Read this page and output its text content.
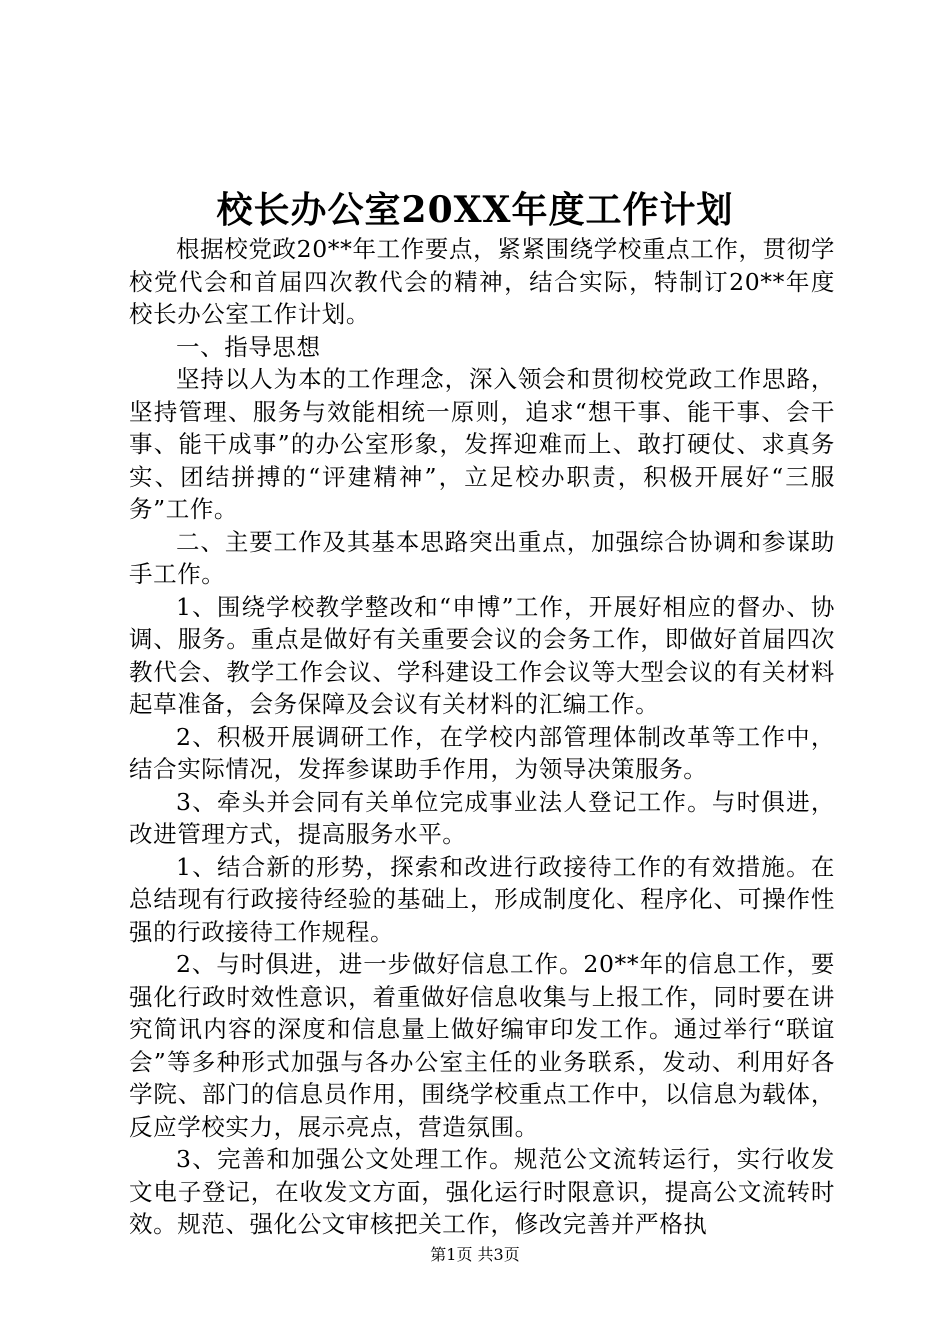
校长办公室20XX年度工作计划

根据校党政20**年工作要点，紧紧围绕学校重点工作，贯彻学校党代会和首届四次教代会的精神，结合实际，特制订20**年度校长办公室工作计划。

一、指导思想

坚持以人为本的工作理念，深入领会和贯彻校党政工作思路，坚持管理、服务与效能相统一原则，追求“想干事、能干事、会干事、能干成事”的办公室形象，发挥迎难而上、敢打硬仗、求真务实、团结拼搏的“评建精神”，立足校办职责，积极开展好“三服务”工作。

二、主要工作及其基本思路突出重点，加强综合协调和参谋助手工作。

1、围绕学校教学整改和“申博”工作，开展好相应的督办、协调、服务。重点是做好有关重要会议的会务工作，即做好首届四次教代会、教学工作会议、学科建设工作会议等大型会议的有关材料起草准备，会务保障及会议有关材料的汇编工作。

2、积极开展调研工作，在学校内部管理体制改革等工作中，结合实际情况，发挥参谋助手作用，为领导决策服务。

3、牵头并会同有关单位完成事业法人登记工作。与时俱进，改进管理方式，提高服务水平。

1、结合新的形势，探索和改进行政接待工作的有效措施。在总结现有行政接待经验的基础上，形成制度化、程序化、可操作性强的行政接待工作规程。

2、与时俱进，进一步做好信息工作。20**年的信息工作，要强化行政时效性意识，着重做好信息收集与上报工作，同时要在讲究简讯内容的深度和信息量上做好编审印发工作。通过举行“联谊会”等多种形式加强与各办公室主任的业务联系，发动、利用好各学院、部门的信息员作用，围绕学校重点工作中，以信息为载体，反应学校实力，展示亮点，营造氛围。

3、完善和加强公文处理工作。规范公文流转运行，实行收发文电子登记，在收发文方面，强化运行时限意识，提高公文流转时效。规范、强化公文审核把关工作，修改完善并严格执

第1页 共3页
